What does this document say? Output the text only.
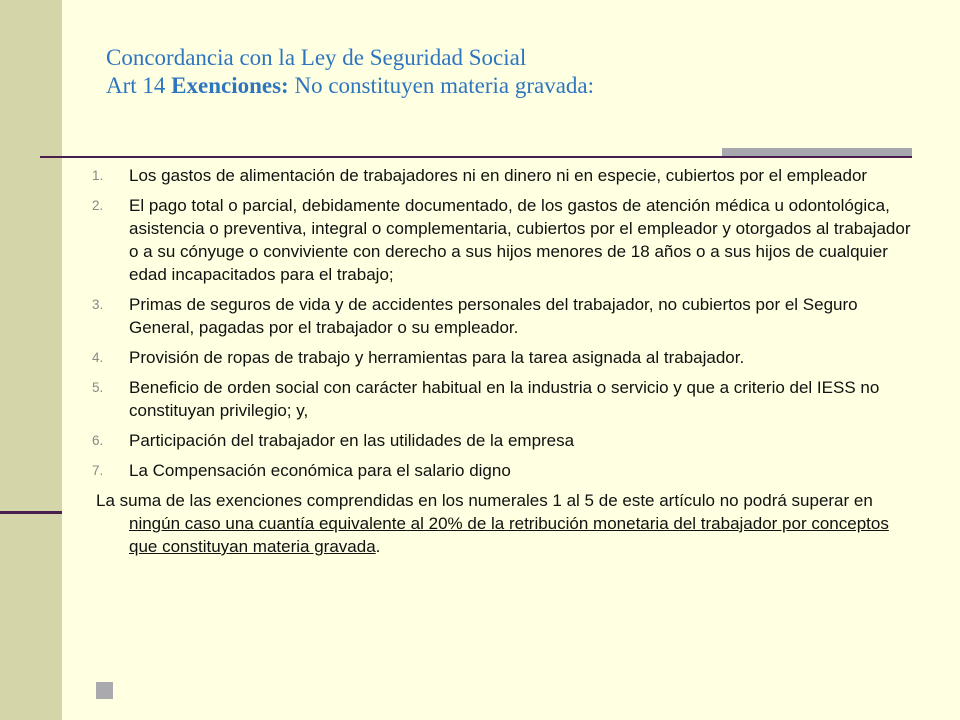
Concordancia con la Ley de Seguridad Social
Art 14 Exenciones: No constituyen materia gravada:
1.	Los gastos de alimentación de trabajadores ni en dinero ni en especie, cubiertos por el empleador
2.	El pago total o parcial, debidamente documentado, de los gastos de atención médica u odontológica, asistencia o preventiva, integral o complementaria, cubiertos por el empleador y otorgados al trabajador o a su cónyuge o conviviente con derecho a sus hijos menores de 18 años o a sus hijos de cualquier edad incapacitados para el trabajo;
3.	Primas de seguros de vida y de accidentes personales del trabajador, no cubiertos por el Seguro General, pagadas por el trabajador o su empleador.
4.	Provisión de ropas de trabajo y herramientas para la tarea asignada al trabajador.
5.	Beneficio de orden social con carácter habitual en la industria o servicio y que a criterio del IESS no constituyan privilegio; y,
6.	Participación del trabajador en las utilidades de la empresa
7.	La Compensación económica para el salario digno
La suma de las exenciones comprendidas en los numerales 1 al 5 de este artículo no podrá superar en ningún caso una cuantía equivalente al 20% de la retribución monetaria del trabajador por conceptos que constituyan materia gravada.
